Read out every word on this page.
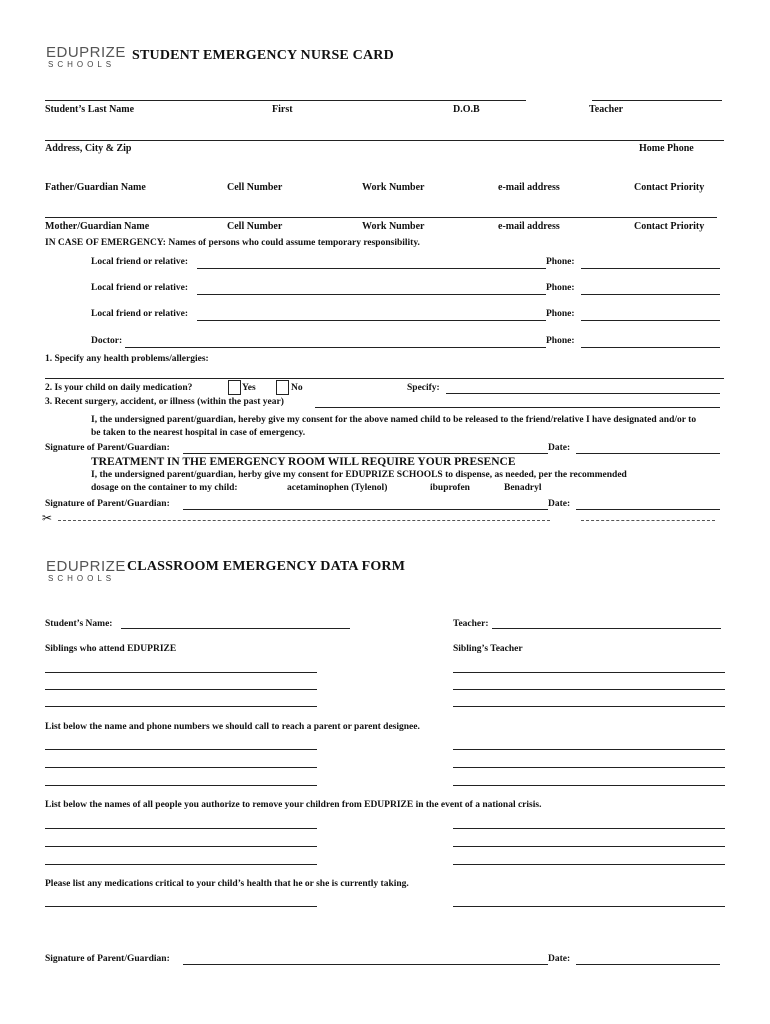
EDUPRIZE
SCHOOLS
STUDENT EMERGENCY NURSE CARD
Student’s Last Name	First	D.O.B	Teacher
Address, City & Zip	Home Phone
Father/Guardian Name	Cell Number	Work Number	e-mail address	Contact Priority
Mother/Guardian Name	Cell Number	Work Number	e-mail address	Contact Priority
IN CASE OF EMERGENCY: Names of persons who could assume temporary responsibility.
Local friend or relative:	Phone:
Local friend or relative:	Phone:
Local friend or relative:	Phone:
Doctor:	Phone:
1. Specify any health problems/allergies:
2. Is your child on daily medication?	Yes	No	Specify:
3. Recent surgery, accident, or illness (within the past year)
I, the undersigned parent/guardian, hereby give my consent for the above named child to be released to the friend/relative I have designated and/or to be taken to the nearest hospital in case of emergency.
Signature of Parent/Guardian:	Date:
TREATMENT IN THE EMERGENCY ROOM WILL REQUIRE YOUR PRESENCE
I, the undersigned parent/guardian, herby give my consent for EDUPRIZE SCHOOLS to dispense, as needed, per the recommended
dosage on the container to my child:	acetaminophen (Tylenol)	ibuprofen	Benadryl
Signature of Parent/Guardian:	Date:
✂
EDUPRIZE
SCHOOLS
CLASSROOM EMERGENCY DATA FORM
Student’s Name:	Teacher:
Siblings who attend EDUPRIZE	Sibling’s Teacher
List below the name and phone numbers we should call to reach a parent or parent designee.
List below the names of all people you authorize to remove your children from EDUPRIZE in the event of a national crisis.
Please list any medications critical to your child’s health that he or she is currently taking.
Signature of Parent/Guardian:	Date:
